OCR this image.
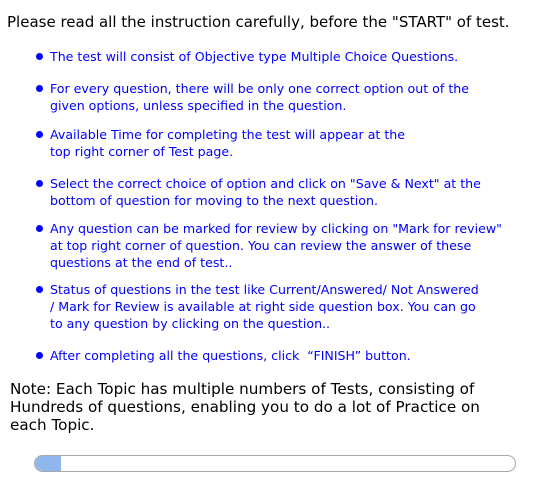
Please read all the instruction carefully, before the "START" of test.
The test will consist of Objective type Multiple Choice Questions.
For every question, there will be only one correct option out of the
given options, unless specified in the question.
Available Time for completing the test will appear at the
top right corner of Test page.
Select the correct choice of option and click on "Save & Next" at the
bottom of question for moving to the next question.
Any question can be marked for review by clicking on "Mark for review"
at top right corner of question. You can review the answer of these
questions at the end of test..
Status of questions in the test like Current/Answered/ Not Answered
/ Mark for Review is available at right side question box. You can go
to any question by clicking on the question..
After completing all the questions, click  “FINISH” button.
Note: Each Topic has multiple numbers of Tests, consisting of
Hundreds of questions, enabling you to do a lot of Practice on
each Topic.
